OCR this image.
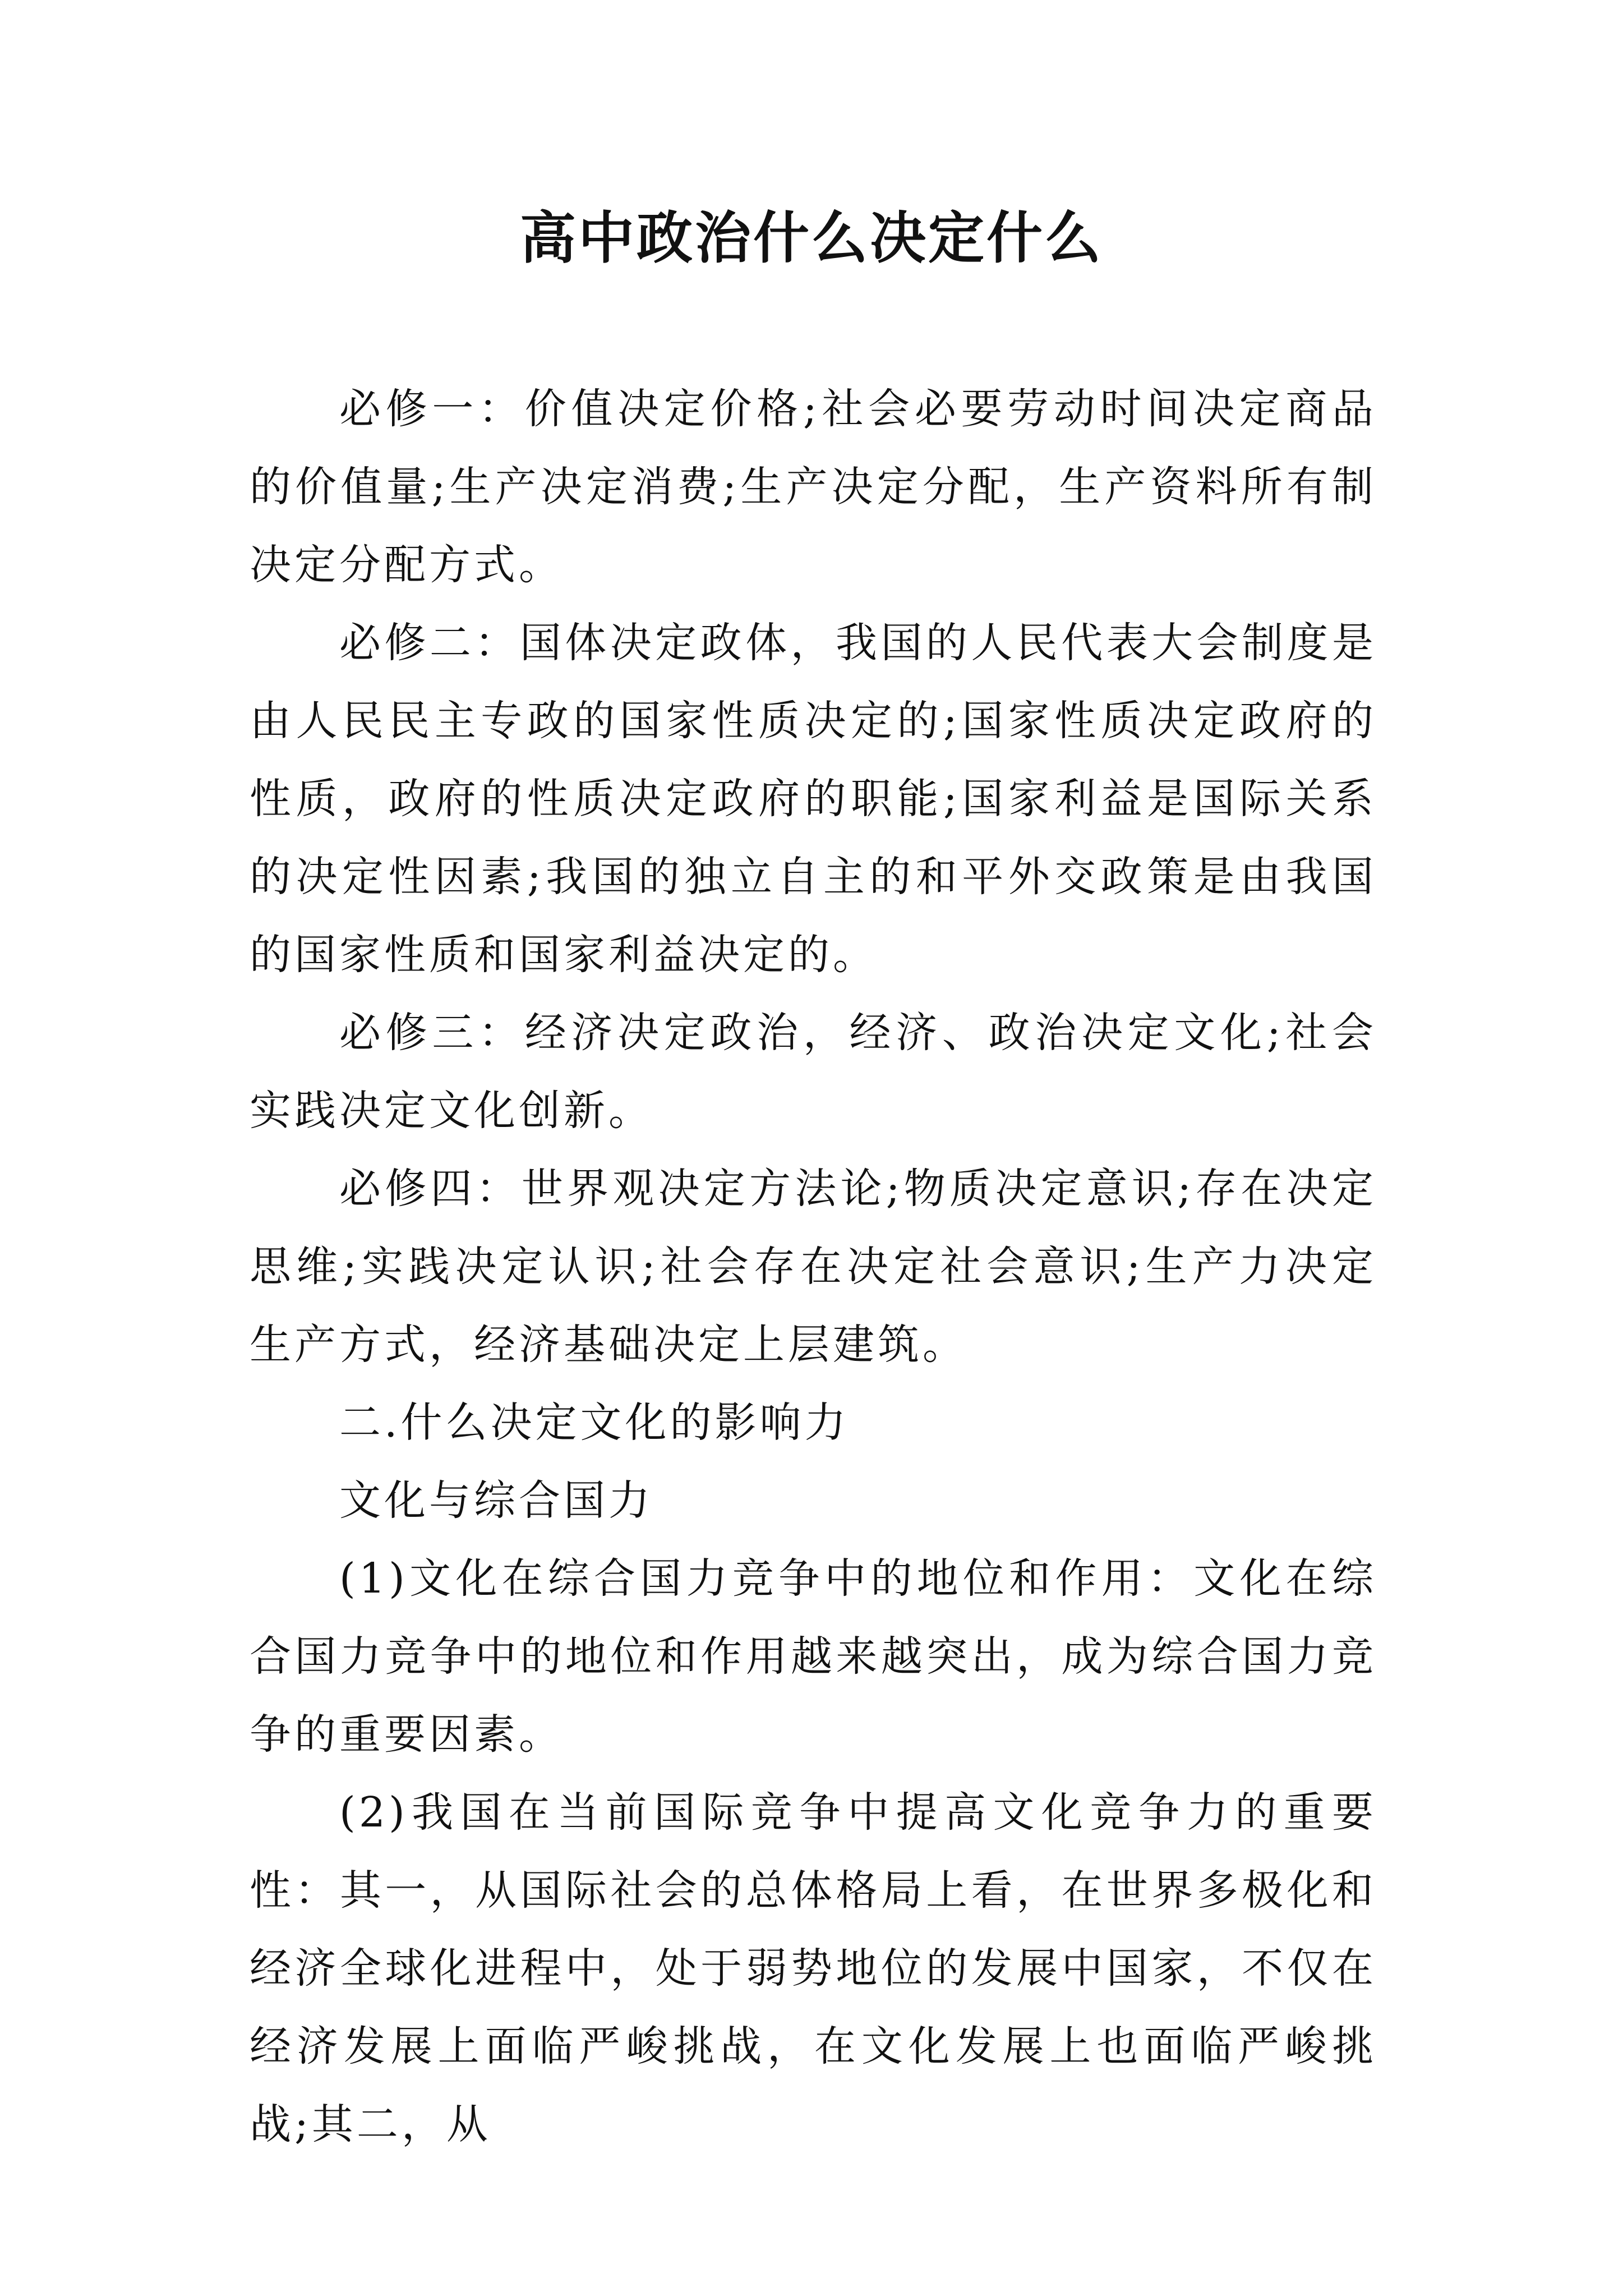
高中政治什么决定什么

必修一：价值决定价格;社会必要劳动时间决定商品的价值量;生产决定消费;生产决定分配，生产资料所有制决定分配方式。

必修二：国体决定政体，我国的人民代表大会制度是由人民民主专政的国家性质决定的;国家性质决定政府的性质，政府的性质决定政府的职能;国家利益是国际关系的决定性因素;我国的独立自主的和平外交政策是由我国的国家性质和国家利益决定的。

必修三：经济决定政治，经济、政治决定文化;社会实践决定文化创新。

必修四：世界观决定方法论;物质决定意识;存在决定思维;实践决定认识;社会存在决定社会意识;生产力决定生产方式，经济基础决定上层建筑。

二.什么决定文化的影响力

文化与综合国力

(1)文化在综合国力竞争中的地位和作用：文化在综合国力竞争中的地位和作用越来越突出，成为综合国力竞争的重要因素。

(2)我国在当前国际竞争中提高文化竞争力的重要性：其一，从国际社会的总体格局上看，在世界多极化和经济全球化进程中，处于弱势地位的发展中国家，不仅在经济发展上面临严峻挑战，在文化发展上也面临严峻挑战;其二，从
